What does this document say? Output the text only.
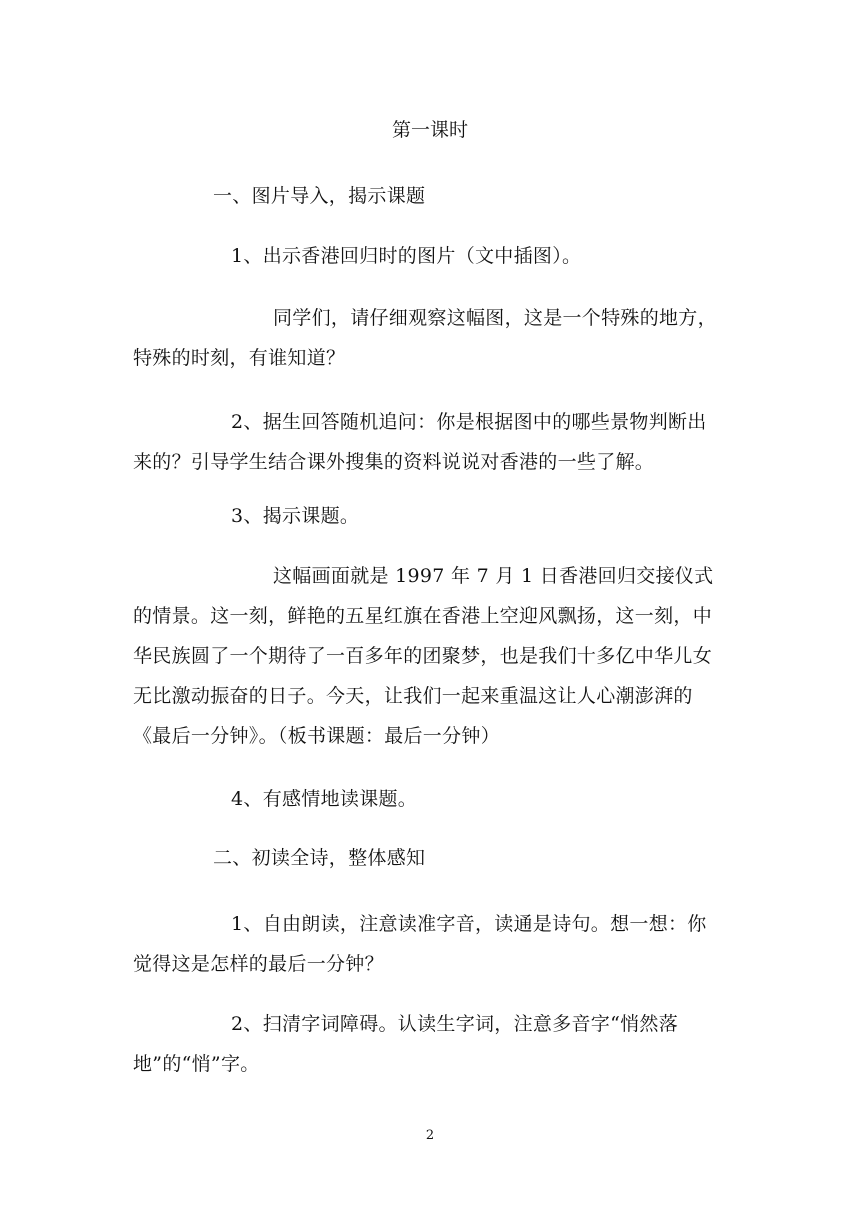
第一课时

一、图片导入，揭示课题

1、出示香港回归时的图片（文中插图）。

同学们，请仔细观察这幅图，这是一个特殊的地方，特殊的时刻，有谁知道？

2、据生回答随机追问：你是根据图中的哪些景物判断出来的？引导学生结合课外搜集的资料说说对香港的一些了解。

3、揭示课题。

这幅画面就是 1997 年 7 月 1 日香港回归交接仪式的情景。这一刻，鲜艳的五星红旗在香港上空迎风飘扬，这一刻，中华民族圆了一个期待了一百多年的团聚梦，也是我们十多亿中华儿女无比激动振奋的日子。今天，让我们一起来重温这让人心潮澎湃的《最后一分钟》。（板书课题：最后一分钟）

4、有感情地读课题。

二、初读全诗，整体感知

1、自由朗读，注意读准字音，读通是诗句。想一想：你觉得这是怎样的最后一分钟？

2、扫清字词障碍。认读生字词，注意多音字“悄然落地”的“悄”字。

2
